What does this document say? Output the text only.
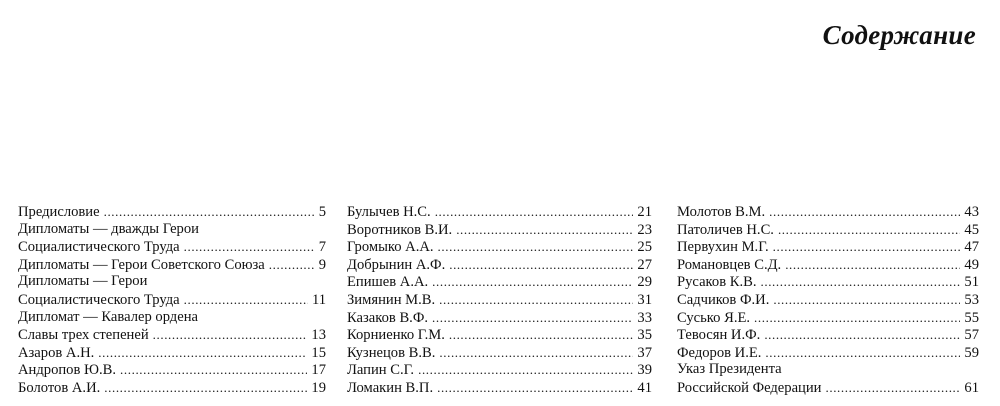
Содержание
Предисловие .....	5
Дипломаты — дважды Герои
Социалистического Труда .....	7
Дипломаты — Герои Советского Союза .....	9
Дипломаты — Герои
Социалистического Труда .....	11
Дипломат — Кавалер ордена
Славы трех степеней .....	13
Азаров А.Н. .....	15
Андропов Ю.В. .....	17
Болотов А.И. .....	19
Булычев Н.С. .....	21
Воротников В.И. .....	23
Громыко А.А. .....	25
Добрынин А.Ф. .....	27
Епишев А.А. .....	29
Зимянин М.В. .....	31
Казаков В.Ф. .....	33
Корниенко Г.М. .....	35
Кузнецов В.В. .....	37
Лапин С.Г. .....	39
Ломакин В.П. .....	41
Молотов В.М. .....	43
Патоличев Н.С. .....	45
Первухин М.Г. .....	47
Романовцев С.Д. .....	49
Русаков К.В. .....	51
Садчиков Ф.И. .....	53
Сусько Я.Е. .....	55
Тевосян И.Ф. .....	57
Федоров И.Е. .....	59
Указ Президента
Российской Федерации .....	61
